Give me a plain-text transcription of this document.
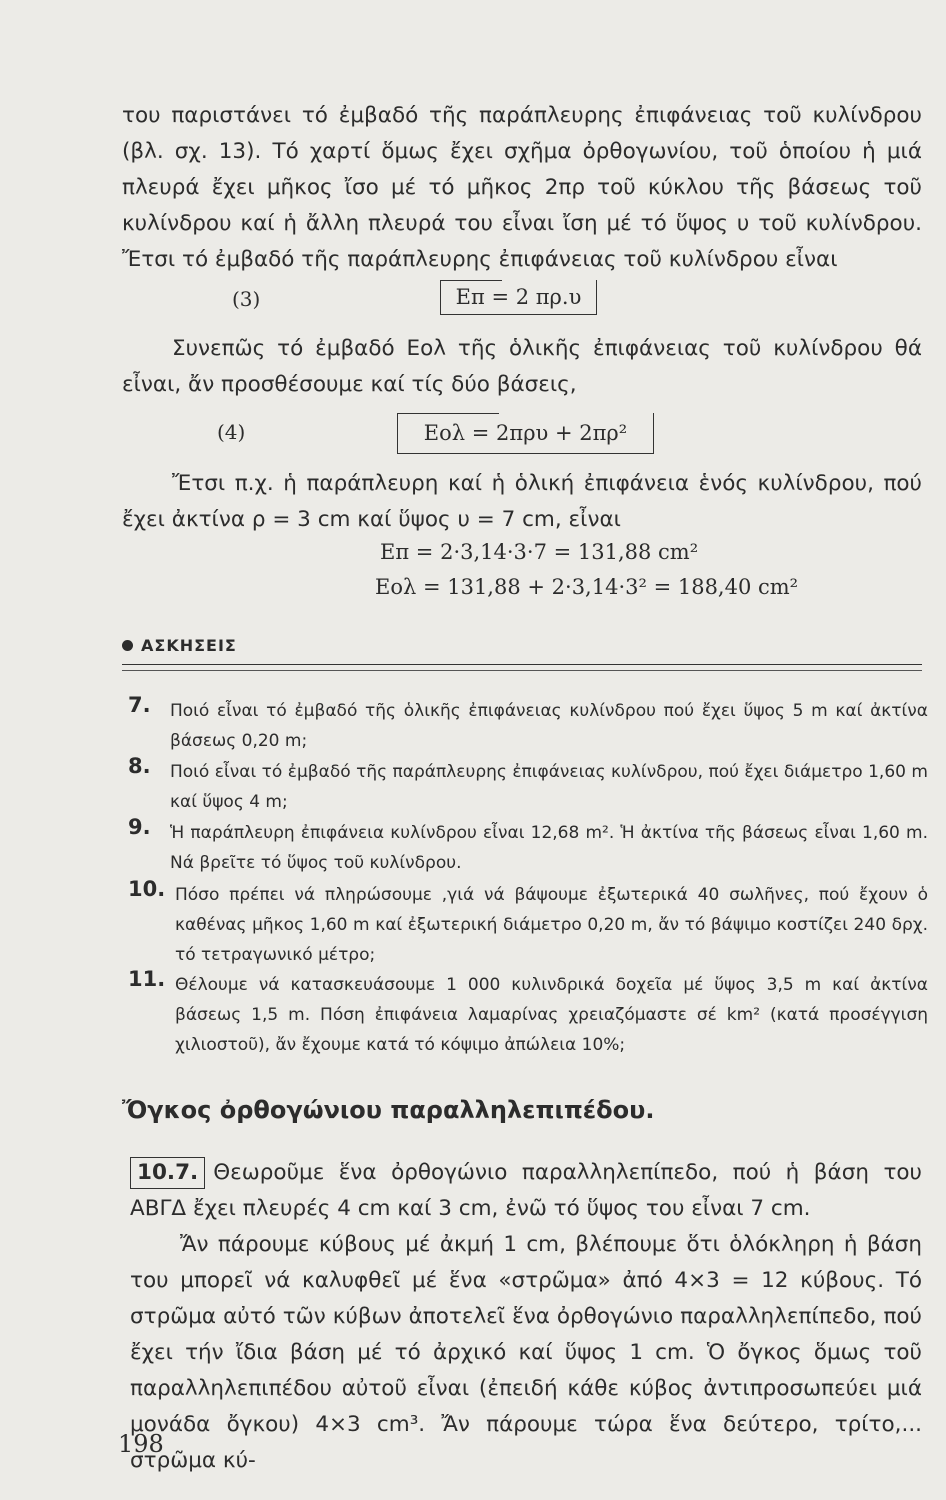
του παριστάνει τό ἐμβαδό τῆς παράπλευρης ἐπιφάνειας τοῦ κυλίνδρου (βλ. σχ. 13). Τό χαρτί ὅμως ἔχει σχῆμα ὀρθογωνίου, τοῦ ὁποίου ἡ μιά πλευρά ἔχει μῆκος ἴσο μέ τό μῆκος 2πρ τοῦ κύκλου τῆς βάσεως τοῦ κυλίνδρου καί ἡ ἄλλη πλευρά του εἶναι ἴση μέ τό ὕψος υ τοῦ κυλίνδρου. Ἔτσι τό ἐμβαδό τῆς παράπλευρης ἐπιφάνειας τοῦ κυλίνδρου εἶναι
(3)	Eπ = 2 πρ.υ
Συνεπῶς τό ἐμβαδό Eολ τῆς ὁλικῆς ἐπιφάνειας τοῦ κυλίνδρου θά εἶναι, ἄν προσθέσουμε καί τίς δύο βάσεις,
(4)	Eολ = 2πρυ + 2πρ²
Ἔτσι π.χ. ἡ παράπλευρη καί ἡ ὁλική ἐπιφάνεια ἑνός κυλίνδρου, πού ἔχει ἀκτίνα ρ = 3 cm καί ὕψος υ = 7 cm, εἶναι
Eπ = 2·3,14·3·7 = 131,88 cm²
Eολ = 131,88 + 2·3,14·3² = 188,40 cm²
ΑΣΚΗΣΕΙΣ
7. Ποιό εἶναι τό ἐμβαδό τῆς ὁλικῆς ἐπιφάνειας κυλίνδρου πού ἔχει ὕψος 5 m καί ἀκτίνα βάσεως 0,20 m;
8. Ποιό εἶναι τό ἐμβαδό τῆς παράπλευρης ἐπιφάνειας κυλίνδρου, πού ἔχει διάμετρο 1,60 m καί ὕψος 4 m;
9. Ἡ παράπλευρη ἐπιφάνεια κυλίνδρου εἶναι 12,68 m². Ἡ ἀκτίνα τῆς βάσεως εἶναι 1,60 m. Νά βρεῖτε τό ὕψος τοῦ κυλίνδρου.
10. Πόσο πρέπει νά πληρώσουμε ,γιά νά βάψουμε ἐξωτερικά 40 σωλῆνες, πού ἔχουν ὁ καθένας μῆκος 1,60 m καί ἐξωτερική διάμετρο 0,20 m, ἄν τό βάψιμο κοστίζει 240 δρχ. τό τετραγωνικό μέτρο;
11. Θέλουμε νά κατασκευάσουμε 1 000 κυλινδρικά δοχεῖα μέ ὕψος 3,5 m καί ἀκτίνα βάσεως 1,5 m. Πόση ἐπιφάνεια λαμαρίνας χρειαζόμαστε σέ km² (κατά προσέγγιση χιλιοστοῦ), ἄν ἔχουμε κατά τό κόψιμο ἀπώλεια 10%;
Ὄγκος ὀρθογώνιου παραλληλεπιπέδου.
10.7. Θεωροῦμε ἕνα ὀρθογώνιο παραλληλεπίπεδο, πού ἡ βάση του ΑΒΓΔ ἔχει πλευρές 4 cm καί 3 cm, ἐνῶ τό ὕψος του εἶναι 7 cm.
Ἄν πάρουμε κύβους μέ ἀκμή 1 cm, βλέπουμε ὅτι ὁλόκληρη ἡ βάση του μπορεῖ νά καλυφθεῖ μέ ἕνα «στρῶμα» ἀπό 4×3 = 12 κύβους. Τό στρῶμα αὐτό τῶν κύβων ἀποτελεῖ ἕνα ὀρθογώνιο παραλληλεπίπεδο, πού ἔχει τήν ἴδια βάση μέ τό ἀρχικό καί ὕψος 1 cm. Ὁ ὄγκος ὅμως τοῦ παραλληλεπιπέδου αὐτοῦ εἶναι (ἐπειδή κάθε κύβος ἀντιπροσωπεύει μιά μονάδα ὄγκου) 4×3 cm³. Ἄν πάρουμε τώρα ἕνα δεύτερο, τρίτο,... στρῶμα κύ-
198
